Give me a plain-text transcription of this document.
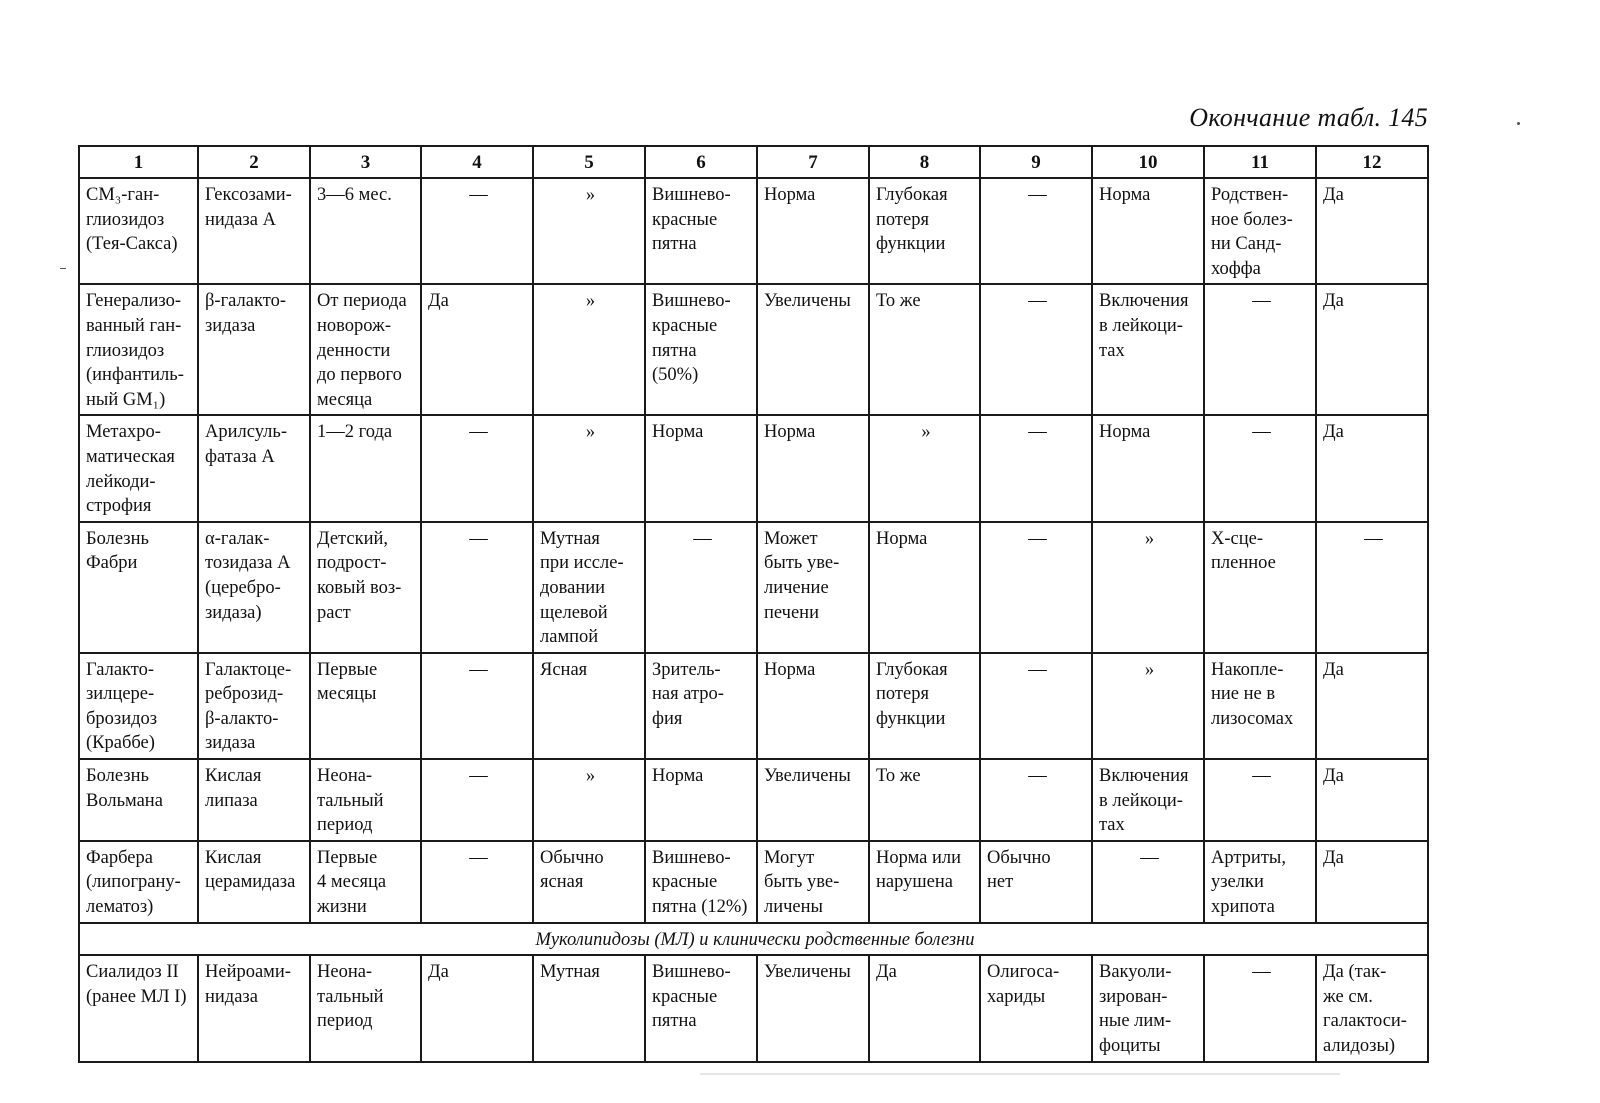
Окончание табл. 145
1	2	3	4	5	6	7	8	9	10	11	12
CM₃-ган-
глиозидоз
(Тея-Сакса)	Гексозами-
нидаза А	3—6 мес.	—	»	Вишнево-
красные
пятна	Норма	Глубокая
потеря
функции	—	Норма	Родствен-
ное болез-
ни Санд-
хоффа	Да
Генерализо-
ванный ган-
глиозидоз
(инфантиль-
ный GM₁)	β-галакто-
зидаза	От периода
новорож-
денности
до первого
месяца	Да	»	Вишнево-
красные
пятна
(50%)	Увеличены	То же	—	Включения
в лейкоци-
тах	—	Да
Метахро-
матическая
лейкоди-
строфия	Арилсуль-
фатаза А	1—2 года	—	»	Норма	Норма	»	—	Норма	—	Да
Болезнь
Фабри	α-галак-
тозидаза А
(церебро-
зидаза)	Детский,
подрост-
ковый воз-
раст	—	Мутная
при иссле-
довании
щелевой
лампой	—	Может
быть уве-
личение
печени	Норма	—	»	Х-сце-
пленное	—
Галакто-
зилцере-
брозидоз
(Краббе)	Галактоце-
реброзид-
β-алакто-
зидаза	Первые
месяцы	—	Ясная	Зритель-
ная атро-
фия	Норма	Глубокая
потеря
функции	—	»	Накопле-
ние не в
лизосомах	Да
Болезнь
Вольмана	Кислая
липаза	Неона-
тальный
период	—	»	Норма	Увеличены	То же	—	Включения
в лейкоци-
тах	—	Да
Фарбера
(липограну-
лематоз)	Кислая
церамидаза	Первые
4 месяца
жизни	—	Обычно
ясная	Вишнево-
красные
пятна (12%)	Могут
быть уве-
личены	Норма или
нарушена	Обычно
нет	—	Артриты,
узелки
хрипота	Да
Муколипидозы (МЛ) и клинически родственные болезни											
Сиалидоз II
(ранее МЛ I)	Нейроами-
нидаза	Неона-
тальный
период	Да	Мутная	Вишнево-
красные
пятна	Увеличены	Да	Олигоса-
хариды	Вакуоли-
зирован-
ные лим-
фоциты	—	Да (так-
же см.
галактоси-
алидозы)
